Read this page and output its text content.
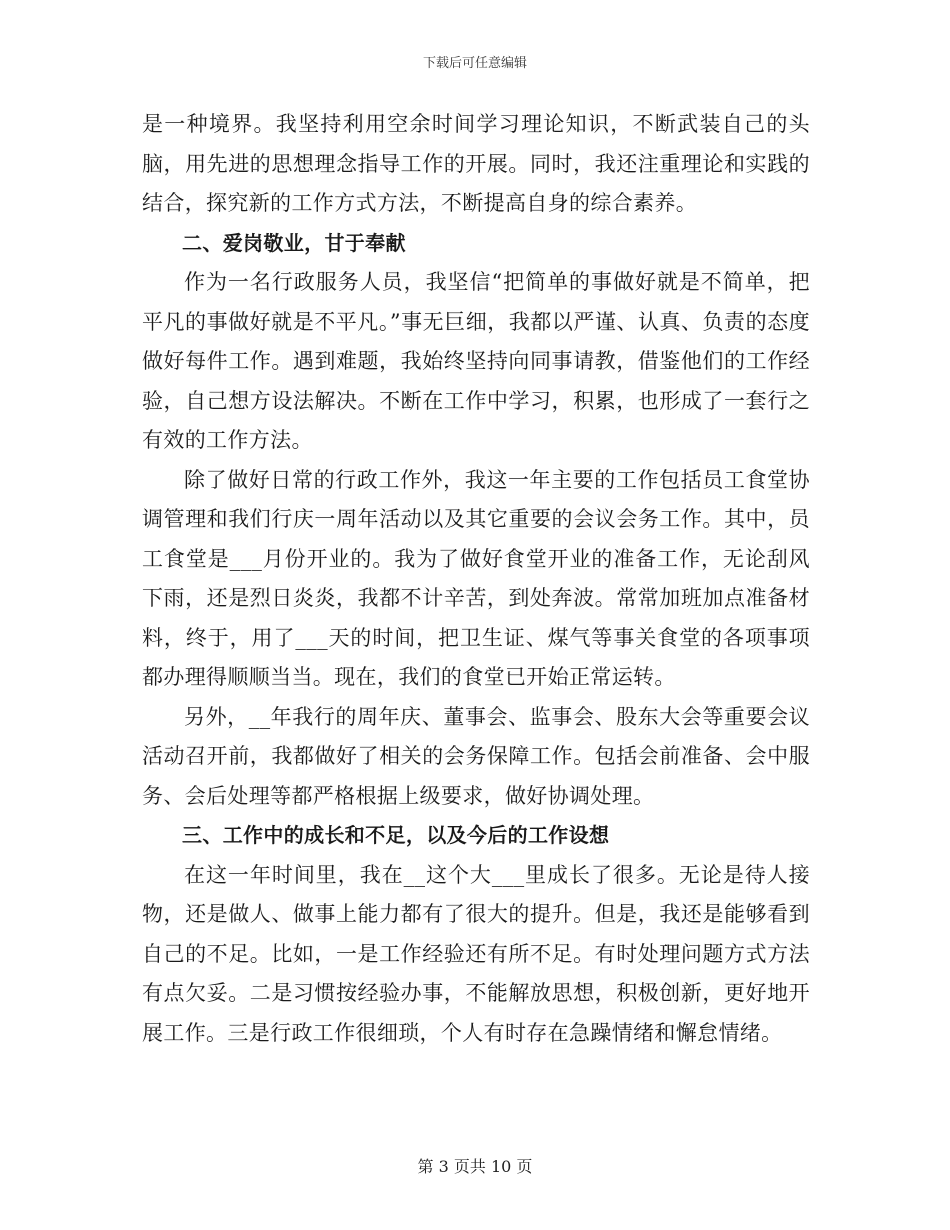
下载后可任意编辑

是一种境界。我坚持利用空余时间学习理论知识，不断武装自己的头脑，用先进的思想理念指导工作的开展。同时，我还注重理论和实践的结合，探究新的工作方式方法，不断提高自身的综合素养。

二、爱岗敬业，甘于奉献

作为一名行政服务人员，我坚信“把简单的事做好就是不简单，把平凡的事做好就是不平凡。”事无巨细，我都以严谨、认真、负责的态度做好每件工作。遇到难题，我始终坚持向同事请教，借鉴他们的工作经验，自己想方设法解决。不断在工作中学习，积累，也形成了一套行之有效的工作方法。

除了做好日常的行政工作外，我这一年主要的工作包括员工食堂协调管理和我们行庆一周年活动以及其它重要的会议会务工作。其中，员工食堂是___月份开业的。我为了做好食堂开业的准备工作，无论刮风下雨，还是烈日炎炎，我都不计辛苦，到处奔波。常常加班加点准备材料，终于，用了___天的时间，把卫生证、煤气等事关食堂的各项事项都办理得顺顺当当。现在，我们的食堂已开始正常运转。

另外，__年我行的周年庆、董事会、监事会、股东大会等重要会议活动召开前，我都做好了相关的会务保障工作。包括会前准备、会中服务、会后处理等都严格根据上级要求，做好协调处理。

三、工作中的成长和不足，以及今后的工作设想

在这一年时间里，我在__这个大___里成长了很多。无论是待人接物，还是做人、做事上能力都有了很大的提升。但是，我还是能够看到自己的不足。比如，一是工作经验还有所不足。有时处理问题方式方法有点欠妥。二是习惯按经验办事，不能解放思想，积极创新，更好地开展工作。三是行政工作很细琐，个人有时存在急躁情绪和懈怠情绪。

第 3 页共 10 页
